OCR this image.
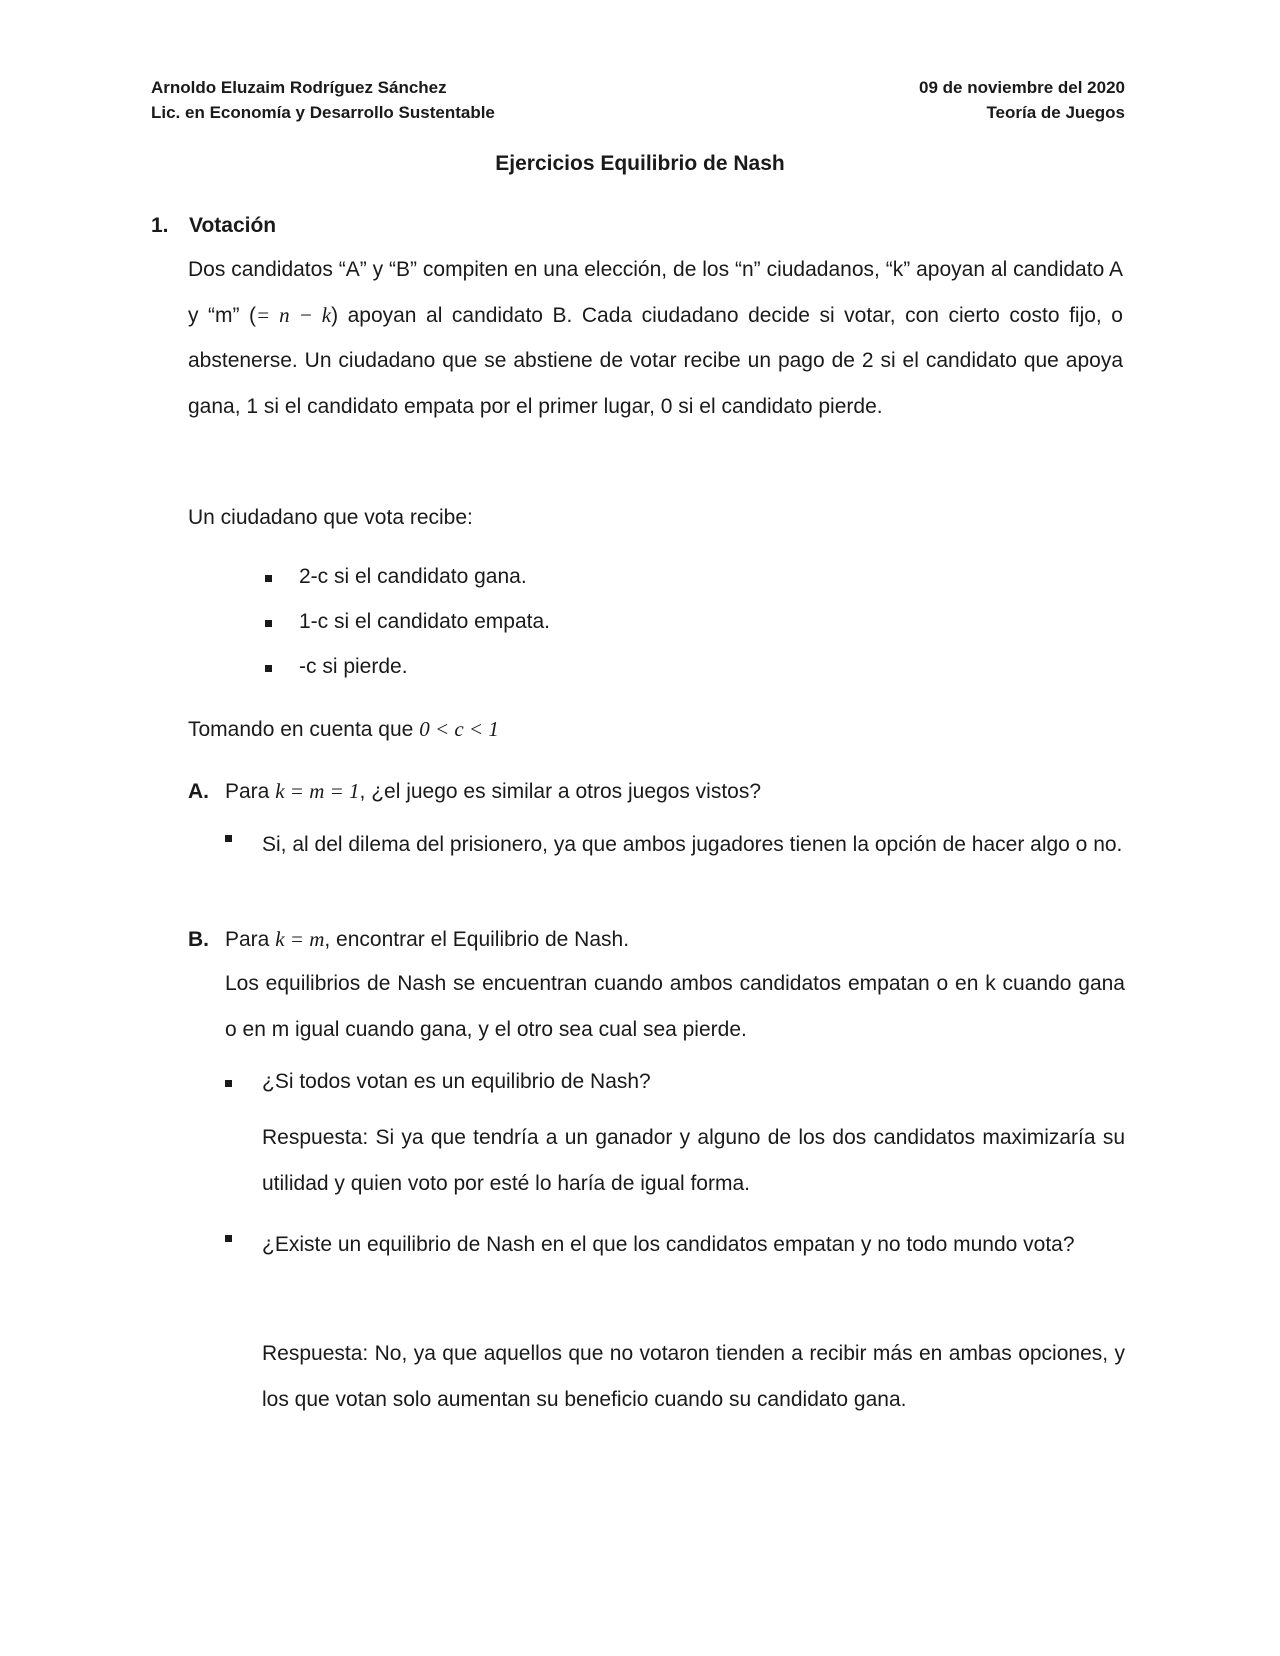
Arnoldo Eluzaim Rodríguez Sánchez
Lic. en Economía y Desarrollo Sustentable
09 de noviembre del 2020
Teoría de Juegos
Ejercicios Equilibrio de Nash
1. Votación
Dos candidatos “A” y “B” compiten en una elección, de los “n” ciudadanos, “k” apoyan al candidato A y “m” (= n − k) apoyan al candidato B. Cada ciudadano decide si votar, con cierto costo fijo, o abstenerse. Un ciudadano que se abstiene de votar recibe un pago de 2 si el candidato que apoya gana, 1 si el candidato empata por el primer lugar, 0 si el candidato pierde.
Un ciudadano que vota recibe:
2-c si el candidato gana.
1-c si el candidato empata.
-c si pierde.
Tomando en cuenta que 0 < c < 1
A. Para k = m = 1, ¿el juego es similar a otros juegos vistos?
Si, al del dilema del prisionero, ya que ambos jugadores tienen la opción de hacer algo o no.
B. Para k = m, encontrar el Equilibrio de Nash.
Los equilibrios de Nash se encuentran cuando ambos candidatos empatan o en k cuando gana o en m igual cuando gana, y el otro sea cual sea pierde.
¿Si todos votan es un equilibrio de Nash?
Respuesta: Si ya que tendría a un ganador y alguno de los dos candidatos maximizaría su utilidad y quien voto por esté lo haría de igual forma.
¿Existe un equilibrio de Nash en el que los candidatos empatan y no todo mundo vota?
Respuesta: No, ya que aquellos que no votaron tienden a recibir más en ambas opciones, y los que votan solo aumentan su beneficio cuando su candidato gana.
